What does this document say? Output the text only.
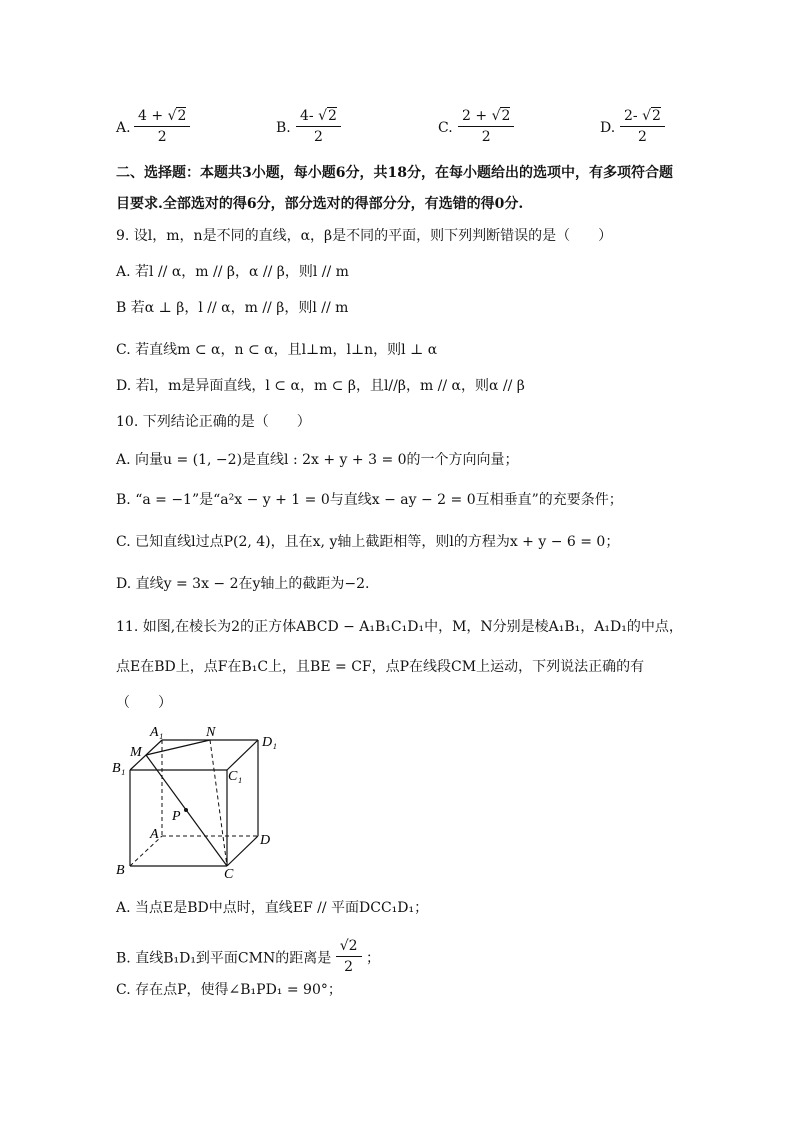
A. $\frac{4 + √2}{2}$	B. $\frac{4- √2}{2}$	C. $\frac{2 + √2}{2}$	D. $\frac{2- √2}{2}$
二、选择题：本题共3小题，每小题6分，共18分，在每小题给出的选项中，有多项符合题
目要求.全部选对的得6分，部分选对的得部分分，有选错的得0分.
9. 设l，m，n是不同的直线，α，β是不同的平面，则下列判断错误的是（　　）
A. 若l // α，m // β，α // β，则l // m
B 若α ⊥ β，l // α，m // β，则l // m
C. 若直线m ⊂ α，n ⊂ α，且l⊥m，l⊥n，则l ⊥ α
D. 若l，m是异面直线，l ⊂ α，m ⊂ β，且l//β，m // α，则α // β
10. 下列结论正确的是（　　）
A. 向量u = (1, −2)是直线l : 2x + y + 3 = 0的一个方向向量；
B. “a = −1”是“a²x − y + 1 = 0与直线x − ay − 2 = 0互相垂直”的充要条件；
C. 已知直线l过点P(2, 4)，且在x, y轴上截距相等，则l的方程为x + y − 6 = 0；
D. 直线y = 3x − 2在y轴上的截距为−2.
11. 如图,在棱长为2的正方体ABCD − A₁B₁C₁D₁中，M，N分别是棱A₁B₁，A₁D₁的中点，
点E在BD上，点F在B₁C上，且BE = CF，点P在线段CM上运动，下列说法正确的有
（　　）
A₁	N
D₁
M
B₁
C₁
P
A	D
B	C
A. 当点E是BD中点时，直线EF // 平面DCC₁D₁；
B. 直线B₁D₁到平面CMN的距离是 $\frac{√2}{2}$ ；
C. 存在点P，使得∠B₁PD₁ = 90°；
